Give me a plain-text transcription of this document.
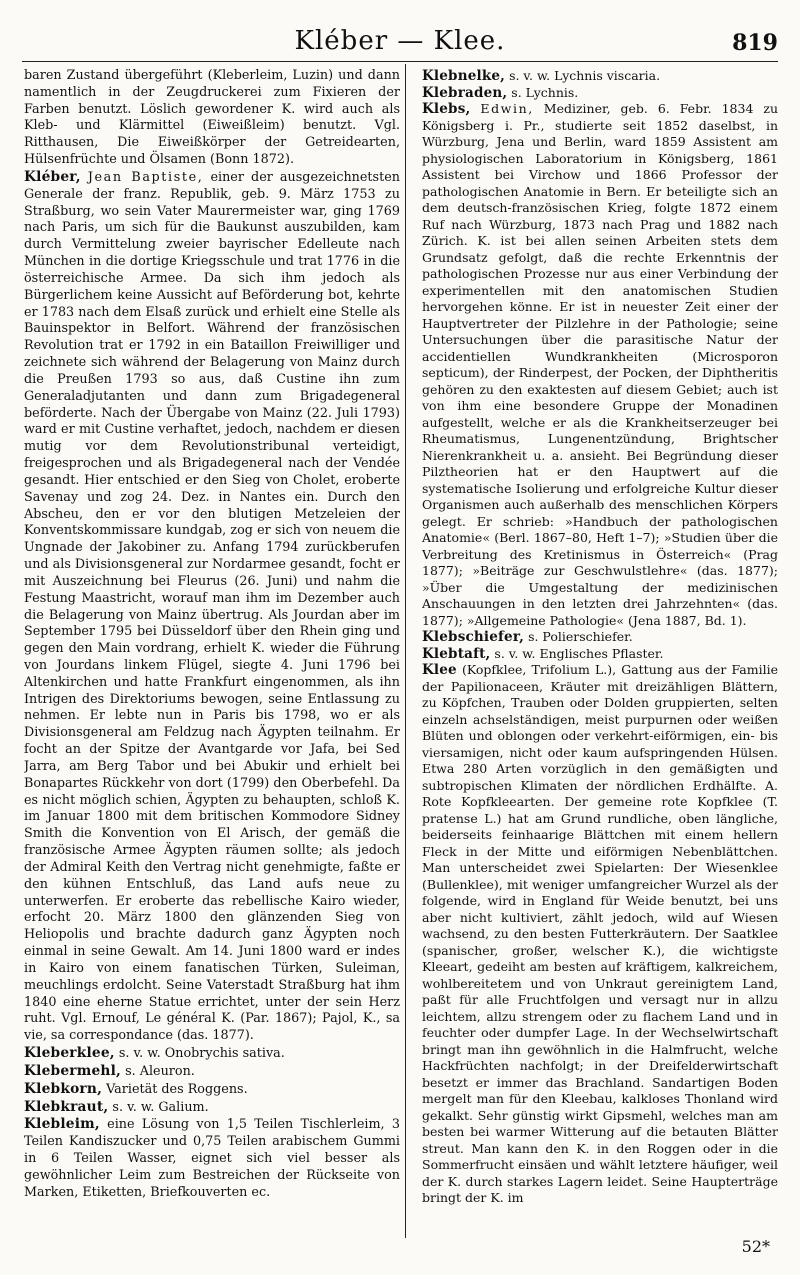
Kléber — Klee.	819

baren Zustand übergeführt (Kleberleim, Luzin) und dann namentlich in der Zeugdruckerei zum Fixieren der Farben benutzt. Löslich gewordener K. wird auch als Kleb- und Klärmittel (Eiweißleim) benutzt. Vgl. Ritthausen, Die Eiweißkörper der Getreidearten, Hülsenfrüchte und Ölsamen (Bonn 1872).

Kléber, Jean Baptiste, einer der ausgezeichnetsten Generale der franz. Republik, geb. 9. März 1753 zu Straßburg, wo sein Vater Maurermeister war, ging 1769 nach Paris, um sich für die Baukunst auszubilden, kam durch Vermittelung zweier bayrischer Edelleute nach München in die dortige Kriegsschule und trat 1776 in die österreichische Armee. Da sich ihm jedoch als Bürgerlichem keine Aussicht auf Beförderung bot, kehrte er 1783 nach dem Elsaß zurück und erhielt eine Stelle als Bauinspektor in Belfort. Während der französischen Revolution trat er 1792 in ein Bataillon Freiwilliger und zeichnete sich während der Belagerung von Mainz durch die Preußen 1793 so aus, daß Custine ihn zum Generaladjutanten und dann zum Brigadegeneral beförderte. Nach der Übergabe von Mainz (22. Juli 1793) ward er mit Custine verhaftet, jedoch, nachdem er diesen mutig vor dem Revolutionstribunal verteidigt, freigesprochen und als Brigadegeneral nach der Vendée gesandt. Hier entschied er den Sieg von Cholet, eroberte Savenay und zog 24. Dez. in Nantes ein. Durch den Abscheu, den er vor den blutigen Metzeleien der Konventskommissare kundgab, zog er sich von neuem die Ungnade der Jakobiner zu. Anfang 1794 zurückberufen und als Divisionsgeneral zur Nordarmee gesandt, focht er mit Auszeichnung bei Fleurus (26. Juni) und nahm die Festung Maastricht, worauf man ihm im Dezember auch die Belagerung von Mainz übertrug. Als Jourdan aber im September 1795 bei Düsseldorf über den Rhein ging und gegen den Main vordrang, erhielt K. wieder die Führung von Jourdans linkem Flügel, siegte 4. Juni 1796 bei Altenkirchen und hatte Frankfurt eingenommen, als ihn Intrigen des Direktoriums bewogen, seine Entlassung zu nehmen. Er lebte nun in Paris bis 1798, wo er als Divisionsgeneral am Feldzug nach Ägypten teilnahm. Er focht an der Spitze der Avantgarde vor Jafa, bei Sed Jarra, am Berg Tabor und bei Abukir und erhielt bei Bonapartes Rückkehr von dort (1799) den Oberbefehl. Da es nicht möglich schien, Ägypten zu behaupten, schloß K. im Januar 1800 mit dem britischen Kommodore Sidney Smith die Konvention von El Arisch, der gemäß die französische Armee Ägypten räumen sollte; als jedoch der Admiral Keith den Vertrag nicht genehmigte, faßte er den kühnen Entschluß, das Land aufs neue zu unterwerfen. Er eroberte das rebellische Kairo wieder, erfocht 20. März 1800 den glänzenden Sieg von Heliopolis und brachte dadurch ganz Ägypten noch einmal in seine Gewalt. Am 14. Juni 1800 ward er indes in Kairo von einem fanatischen Türken, Suleiman, meuchlings erdolcht. Seine Vaterstadt Straßburg hat ihm 1840 eine eherne Statue errichtet, unter der sein Herz ruht. Vgl. Ernouf, Le général K. (Par. 1867); Pajol, K., sa vie, sa correspondance (das. 1877).

Kleberklee, s. v. w. Onobrychis sativa.

Klebermehl, s. Aleuron.

Klebkorn, Varietät des Roggens.

Klebkraut, s. v. w. Galium.

Klebleim, eine Lösung von 1,5 Teilen Tischlerleim, 3 Teilen Kandiszucker und 0,75 Teilen arabischem Gummi in 6 Teilen Wasser, eignet sich viel besser als gewöhnlicher Leim zum Bestreichen der Rückseite von Marken, Etiketten, Briefkouverten ec.

Klebnelke, s. v. w. Lychnis viscaria.

Klebraden, s. Lychnis.

Klebs, Edwin, Mediziner, geb. 6. Febr. 1834 zu Königsberg i. Pr., studierte seit 1852 daselbst, in Würzburg, Jena und Berlin, ward 1859 Assistent am physiologischen Laboratorium in Königsberg, 1861 Assistent bei Virchow und 1866 Professor der pathologischen Anatomie in Bern. Er beteiligte sich an dem deutsch-französischen Krieg, folgte 1872 einem Ruf nach Würzburg, 1873 nach Prag und 1882 nach Zürich. K. ist bei allen seinen Arbeiten stets dem Grundsatz gefolgt, daß die rechte Erkenntnis der pathologischen Prozesse nur aus einer Verbindung der experimentellen mit den anatomischen Studien hervorgehen könne. Er ist in neuester Zeit einer der Hauptvertreter der Pilzlehre in der Pathologie; seine Untersuchungen über die parasitische Natur der accidentiellen Wundkrankheiten (Microsporon septicum), der Rinderpest, der Pocken, der Diphtheritis gehören zu den exaktesten auf diesem Gebiet; auch ist von ihm eine besondere Gruppe der Monadinen aufgestellt, welche er als die Krankheitserzeuger bei Rheumatismus, Lungenentzündung, Brightscher Nierenkrankheit u. a. ansieht. Bei Begründung dieser Pilztheorien hat er den Hauptwert auf die systematische Isolierung und erfolgreiche Kultur dieser Organismen auch außerhalb des menschlichen Körpers gelegt. Er schrieb: »Handbuch der pathologischen Anatomie« (Berl. 1867–80, Heft 1–7); »Studien über die Verbreitung des Kretinismus in Österreich« (Prag 1877); »Beiträge zur Geschwulstlehre« (das. 1877); »Über die Umgestaltung der medizinischen Anschauungen in den letzten drei Jahrzehnten« (das. 1877); »Allgemeine Pathologie« (Jena 1887, Bd. 1).

Klebschiefer, s. Polierschiefer.

Klebtaft, s. v. w. Englisches Pflaster.

Klee (Kopfklee, Trifolium L.), Gattung aus der Familie der Papilionaceen, Kräuter mit dreizähligen Blättern, zu Köpfchen, Trauben oder Dolden gruppierten, selten einzeln achselständigen, meist purpurnen oder weißen Blüten und oblongen oder verkehrt-eiförmigen, ein- bis viersamigen, nicht oder kaum aufspringenden Hülsen. Etwa 280 Arten vorzüglich in den gemäßigten und subtropischen Klimaten der nördlichen Erdhälfte. A. Rote Kopfkleearten. Der gemeine rote Kopfklee (T. pratense L.) hat am Grund rundliche, oben längliche, beiderseits feinhaarige Blättchen mit einem hellern Fleck in der Mitte und eiförmigen Nebenblättchen. Man unterscheidet zwei Spielarten: Der Wiesenklee (Bullenklee), mit weniger umfangreicher Wurzel als der folgende, wird in England für Weide benutzt, bei uns aber nicht kultiviert, zählt jedoch, wild auf Wiesen wachsend, zu den besten Futterkräutern. Der Saatklee (spanischer, großer, welscher K.), die wichtigste Kleeart, gedeiht am besten auf kräftigem, kalkreichem, wohlbereitetem und von Unkraut gereinigtem Land, paßt für alle Fruchtfolgen und versagt nur in allzu leichtem, allzu strengem oder zu flachem Land und in feuchter oder dumpfer Lage. In der Wechselwirtschaft bringt man ihn gewöhnlich in die Halmfrucht, welche Hackfrüchten nachfolgt; in der Dreifelderwirtschaft besetzt er immer das Brachland. Sandartigen Boden mergelt man für den Kleebau, kalkloses Thonland wird gekalkt. Sehr günstig wirkt Gipsmehl, welches man am besten bei warmer Witterung auf die betauten Blätter streut. Man kann den K. in den Roggen oder in die Sommerfrucht einsäen und wählt letztere häufiger, weil der K. durch starkes Lagern leidet. Seine Haupterträge bringt der K. im

52*
